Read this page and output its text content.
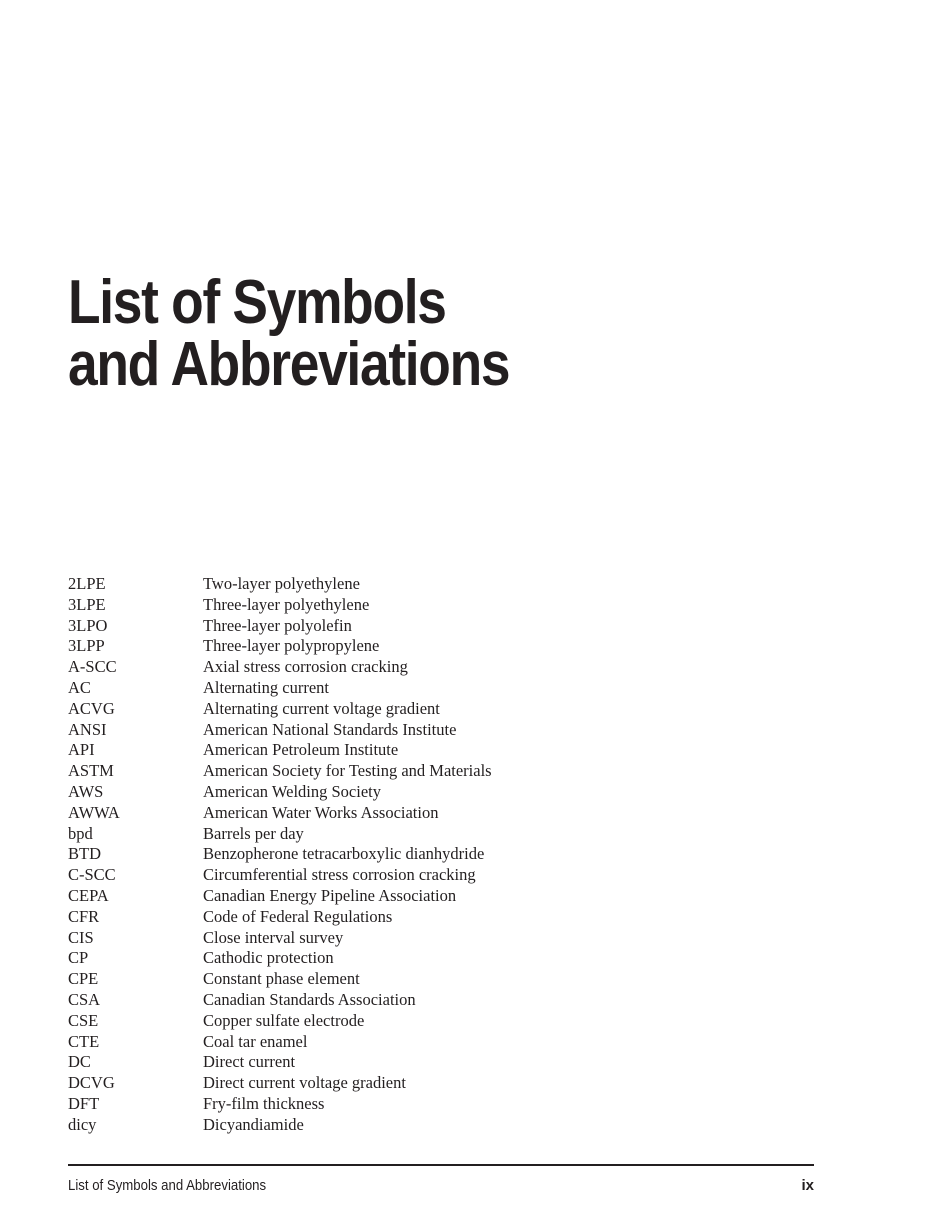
List of Symbols
and Abbreviations
2LPE	Two-layer polyethylene
3LPE	Three-layer polyethylene
3LPO	Three-layer polyolefin
3LPP	Three-layer polypropylene
A-SCC	Axial stress corrosion cracking
AC	Alternating current
ACVG	Alternating current voltage gradient
ANSI	American National Standards Institute
API	American Petroleum Institute
ASTM	American Society for Testing and Materials
AWS	American Welding Society
AWWA	American Water Works Association
bpd	Barrels per day
BTD	Benzopherone tetracarboxylic dianhydride
C-SCC	Circumferential stress corrosion cracking
CEPA	Canadian Energy Pipeline Association
CFR	Code of Federal Regulations
CIS	Close interval survey
CP	Cathodic protection
CPE	Constant phase element
CSA	Canadian Standards Association
CSE	Copper sulfate electrode
CTE	Coal tar enamel
DC	Direct current
DCVG	Direct current voltage gradient
DFT	Fry-film thickness
dicy	Dicyandiamide
List of Symbols and Abbreviations	ix
